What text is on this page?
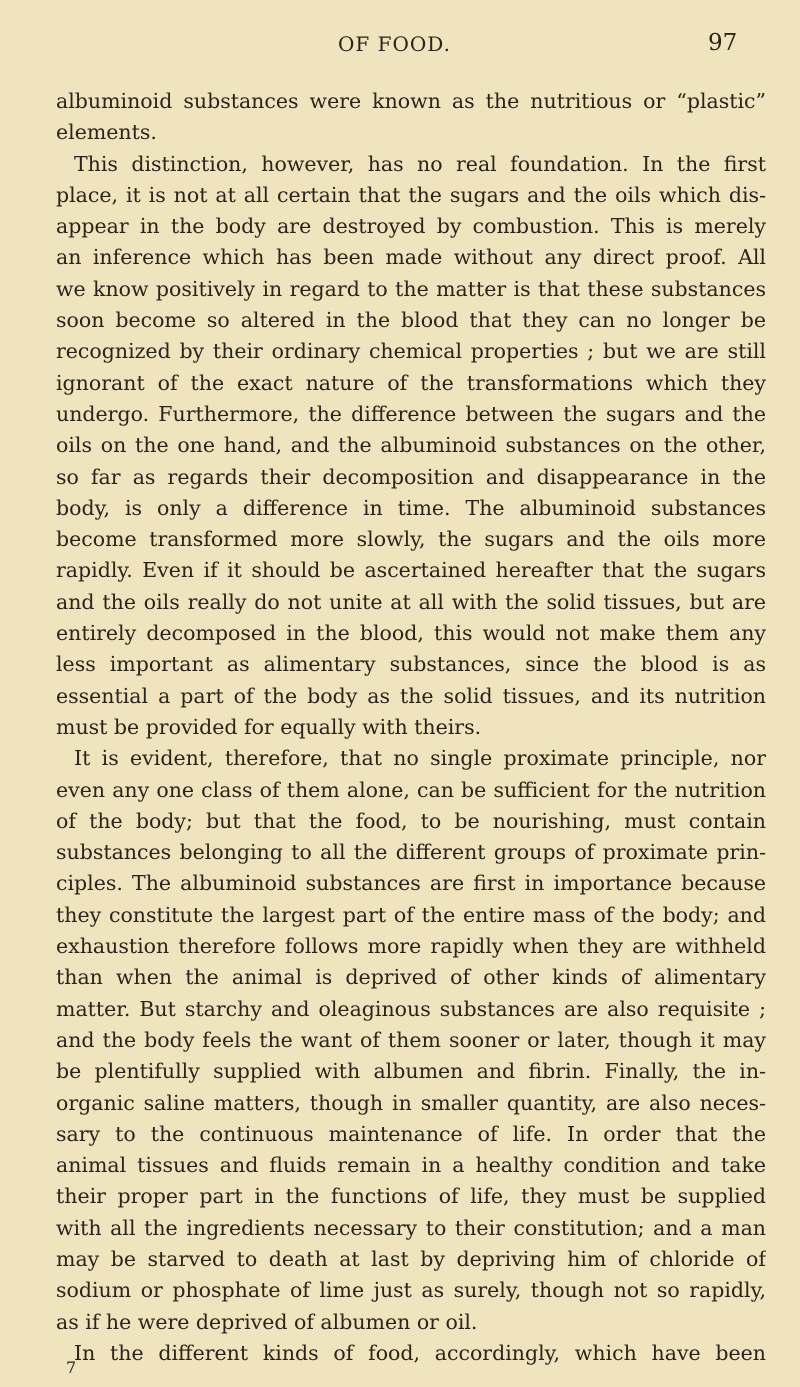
OF FOOD.	97
albuminoid substances were known as the nutritious or “plastic”
elements.
This distinction, however, has no real foundation. In the first
place, it is not at all certain that the sugars and the oils which dis-
appear in the body are destroyed by combustion. This is merely
an inference which has been made without any direct proof. All
we know positively in regard to the matter is that these substances
soon become so altered in the blood that they can no longer be
recognized by their ordinary chemical properties ; but we are still
ignorant of the exact nature of the transformations which they
undergo. Furthermore, the difference between the sugars and the
oils on the one hand, and the albuminoid substances on the other,
so far as regards their decomposition and disappearance in the
body, is only a difference in time. The albuminoid substances
become transformed more slowly, the sugars and the oils more
rapidly. Even if it should be ascertained hereafter that the sugars
and the oils really do not unite at all with the solid tissues, but are
entirely decomposed in the blood, this would not make them any
less important as alimentary substances, since the blood is as
essential a part of the body as the solid tissues, and its nutrition
must be provided for equally with theirs.
It is evident, therefore, that no single proximate principle, nor
even any one class of them alone, can be sufficient for the nutrition
of the body; but that the food, to be nourishing, must contain
substances belonging to all the different groups of proximate prin-
ciples. The albuminoid substances are first in importance because
they constitute the largest part of the entire mass of the body; and
exhaustion therefore follows more rapidly when they are withheld
than when the animal is deprived of other kinds of alimentary
matter. But starchy and oleaginous substances are also requisite ;
and the body feels the want of them sooner or later, though it may
be plentifully supplied with albumen and fibrin. Finally, the in-
organic saline matters, though in smaller quantity, are also neces-
sary to the continuous maintenance of life. In order that the
animal tissues and fluids remain in a healthy condition and take
their proper part in the functions of life, they must be supplied
with all the ingredients necessary to their constitution; and a man
may be starved to death at last by depriving him of chloride of
sodium or phosphate of lime just as surely, though not so rapidly,
as if he were deprived of albumen or oil.
In the different kinds of food, accordingly, which have been
7
